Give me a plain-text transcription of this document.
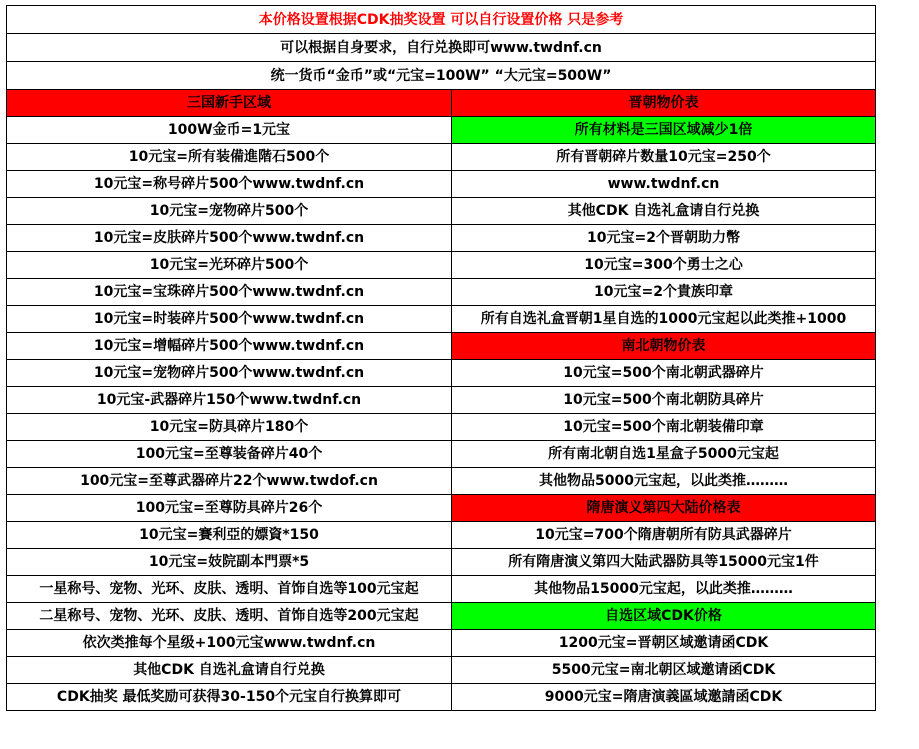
本价格设置根据CDK抽奖设置 可以自行设置价格 只是参考	
可以根据自身要求，自行兑换即可www.twdnf.cn	
统一货币“金币”或“元宝=100W” “大元宝=500W”	
三国新手区域	晋朝物价表
100W金币=1元宝	所有材料是三国区域减少1倍
10元宝=所有装備進階石500个	所有晋朝碎片数量10元宝=250个
10元宝=称号碎片500个www.twdnf.cn	www.twdnf.cn
10元宝=宠物碎片500个	其他CDK 自选礼盒请自行兑换
10元宝=皮肤碎片500个www.twdnf.cn	10元宝=2个晋朝助力幣
10元宝=光环碎片500个	10元宝=300个勇士之心
10元宝=宝珠碎片500个www.twdnf.cn	10元宝=2个貴族印章
10元宝=时装碎片500个www.twdnf.cn	所有自选礼盒晋朝1星自选的1000元宝起以此类推+1000
10元宝=增幅碎片500个www.twdnf.cn	南北朝物价表
10元宝=宠物碎片500个www.twdnf.cn	10元宝=500个南北朝武器碎片
10元宝-武器碎片150个www.twdnf.cn	10元宝=500个南北朝防具碎片
10元宝=防具碎片180个	10元宝=500个南北朝装備印章
100元宝=至尊装备碎片40个	所有南北朝自选1星盒子5000元宝起
100元宝=至尊武器碎片22个www.twdof.cn	其他物品5000元宝起，以此类推………
100元宝=至尊防具碎片26个	隋唐演义第四大陆价格表
10元宝=賽利亞的嫖資*150	10元宝=700个隋唐朝所有防具武器碎片
10元宝=妓院副本門票*5	所有隋唐演义第四大陆武器防具等15000元宝1件
一星称号、宠物、光环、皮肤、透明、首饰自选等100元宝起	其他物品15000元宝起，以此类推………
二星称号、宠物、光环、皮肤、透明、首饰自选等200元宝起	自选区域CDK价格
依次类推每个星级+100元宝www.twdnf.cn	1200元宝=晋朝区域邀请函CDK
其他CDK 自选礼盒请自行兑换	5500元宝=南北朝区域邀请函CDK
CDK抽奖 最低奖励可获得30-150个元宝自行换算即可	9000元宝=隋唐演義區域邀請函CDK
